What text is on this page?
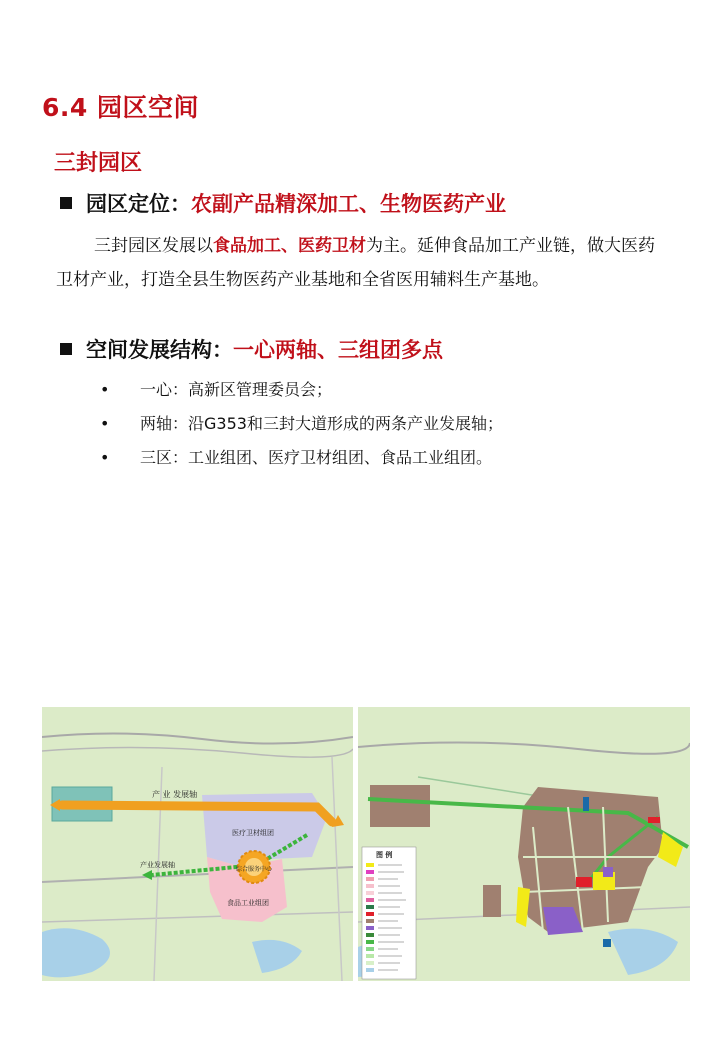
6.4 园区空间
三封园区
园区定位： 农副产品精深加工、生物医药产业
三封园区发展以食品加工、医药卫材为主。延伸食品加工产业链，做大医药卫材产业，打造全县生物医药产业基地和全省医用辅料生产基地。
空间发展结构： 一心两轴、三组团多点
•	一心：高新区管理委员会；
•	两轴：沿G353和三封大道形成的两条产业发展轴；
•	三区：工业组团、医疗卫材组团、食品工业组团。
工业组团
医疗卫材组团
食品工业组团
产 业 发展轴
产业发展轴
综合服务中心
图 例
